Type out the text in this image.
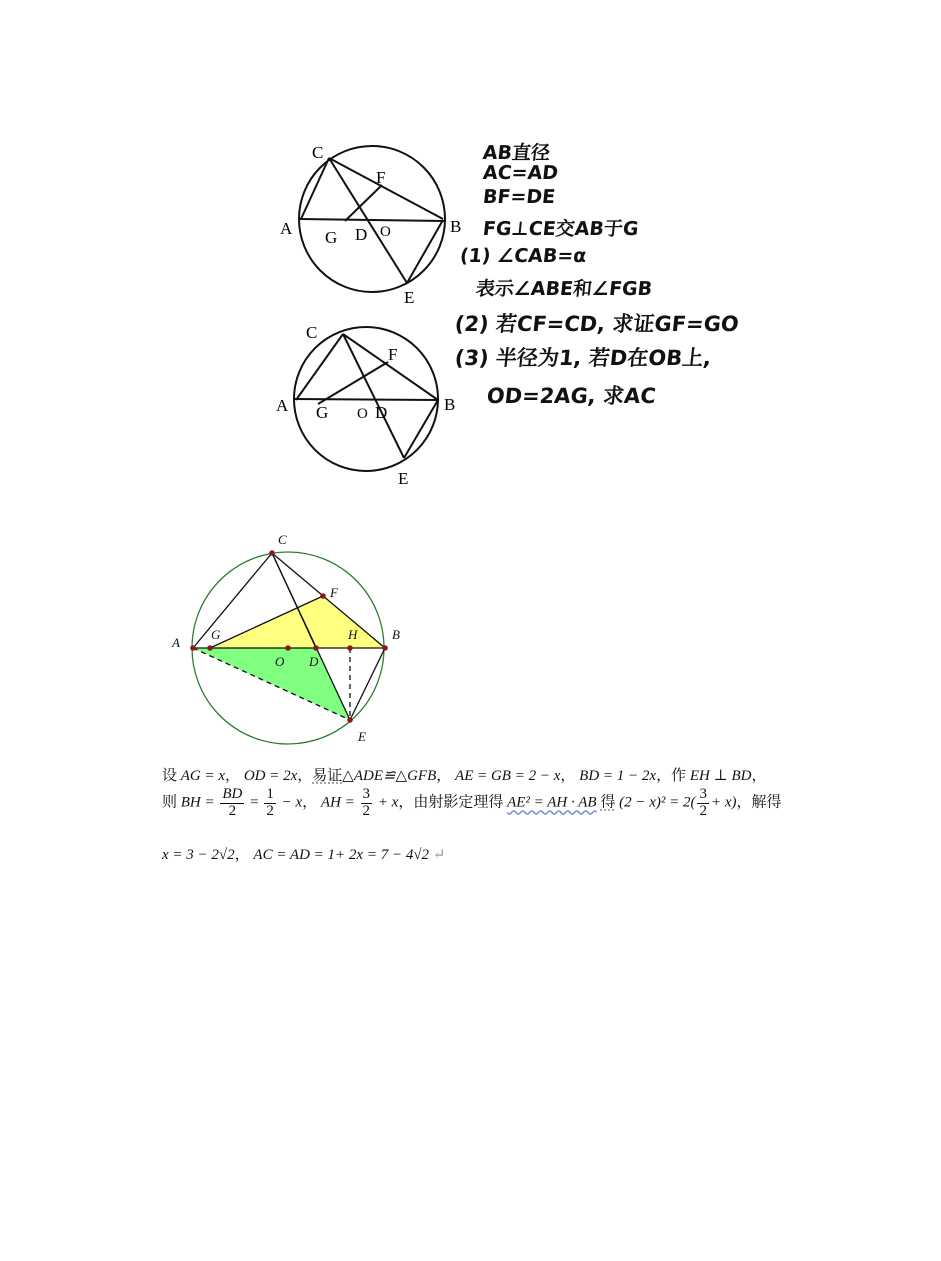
C
A	B
F
G D O
E
C
A	B
F
G O D
E
AB直径
AC=AD
BF=DE
FG⊥CE交AB于G
(1) ∠CAB=α
表示∠ABE和∠FGB
(2) 若CF=CD, 求证GF=GO
(3) 半径为1, 若D在OB上,
OD=2AG, 求AC
C
F
A
G	H	B
O D
E
设 AG = x， OD = 2x，易证△ADE≌△GFB， AE = GB = 2 − x， BD = 1 − 2x，作 EH ⊥ BD，
则 BH = $\frac{BD}{2} = \frac{1}{2} - x$， AH = $\frac{3}{2} + x$，由射影定理得 AE² = AH · AB 得 $(2 - x)^2 = 2( \frac{3}{2} + x)$，解得
x = 3 − 2√2， AC = AD = 1+ 2x = 7 − 4√2 ↵
